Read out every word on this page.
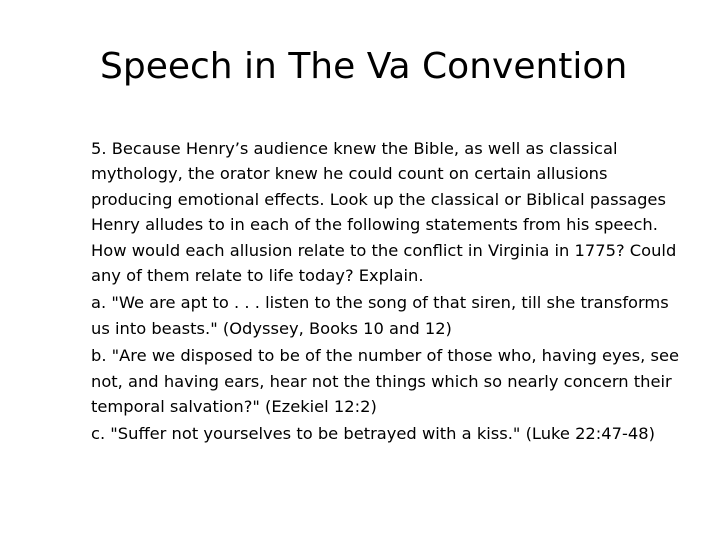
Speech in The Va Convention

5. Because Henry’s audience knew the Bible, as well as classical mythology, the orator knew he could count on certain allusions producing emotional effects. Look up the classical or Biblical passages Henry alludes to in each of the following statements from his speech. How would each allusion relate to the conflict in Virginia in 1775? Could any of them relate to life today? Explain.

a. "We are apt to . . . listen to the song of that siren, till she transforms us into beasts." (Odyssey, Books 10 and 12)

b. "Are we disposed to be of the number of those who, having eyes, see not, and having ears, hear not the things which so nearly concern their temporal salvation?" (Ezekiel 12:2)

c. "Suffer not yourselves to be betrayed with a kiss." (Luke 22:47-48)
